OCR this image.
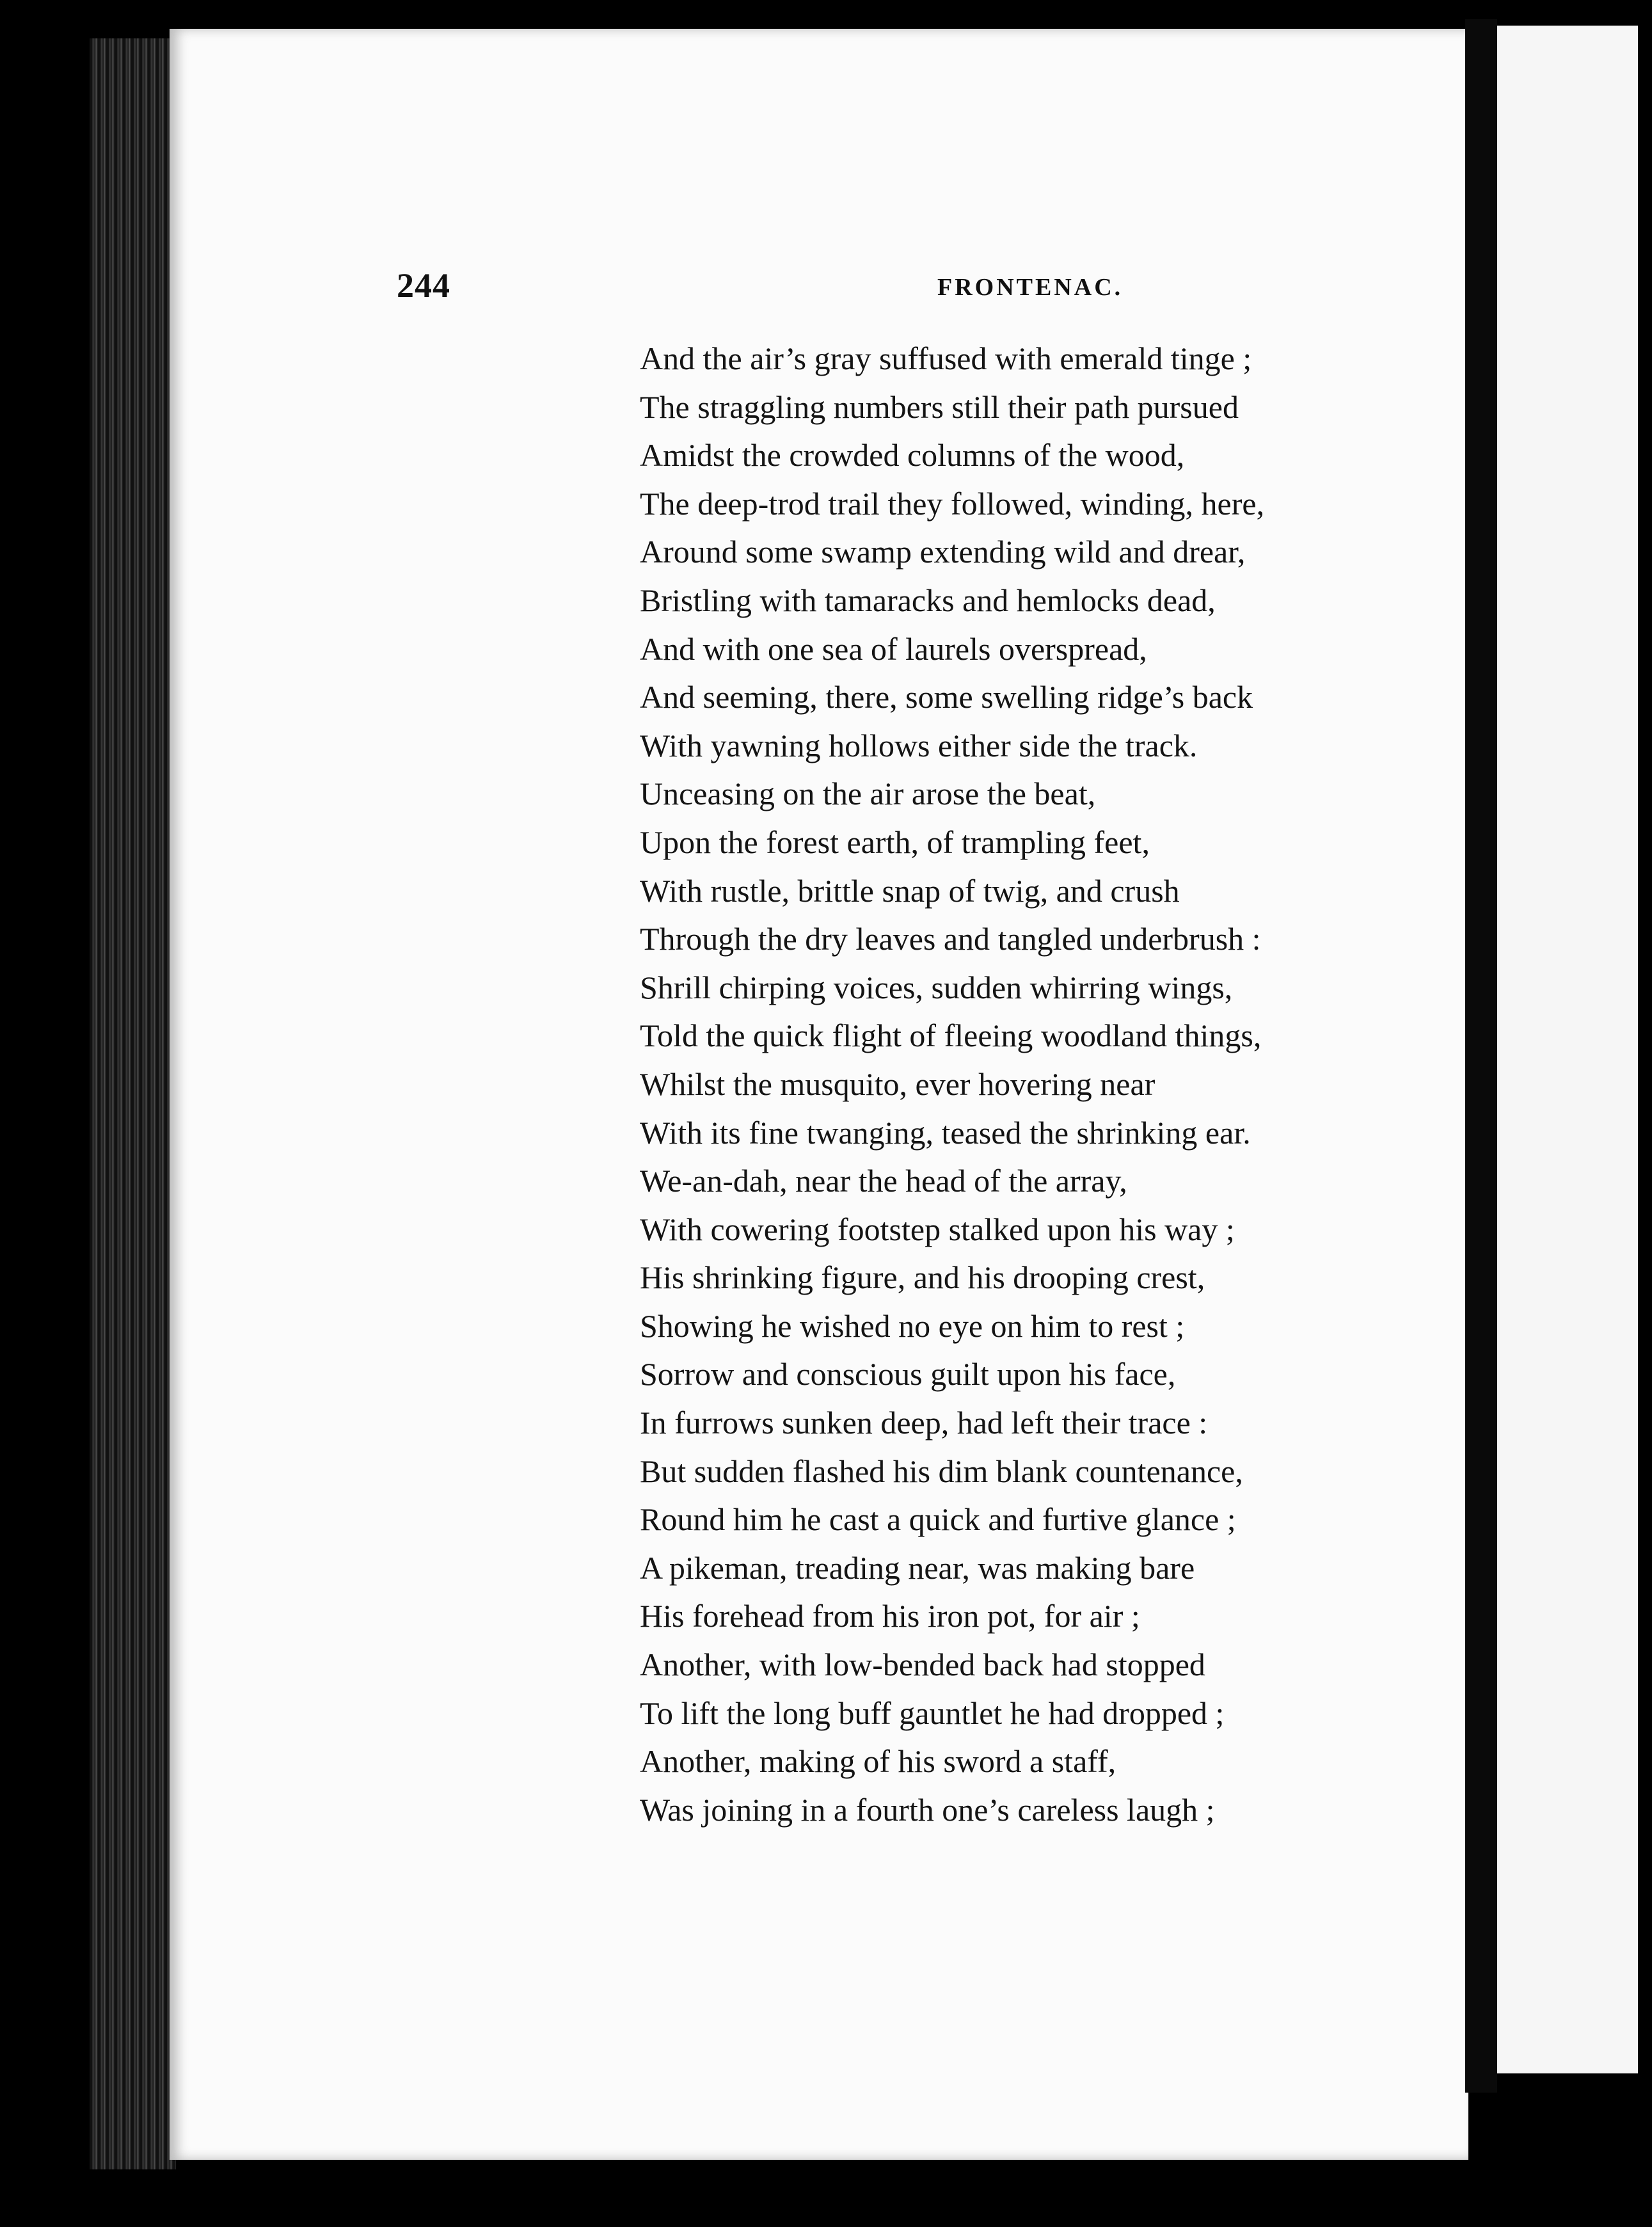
244	FRONTENAC.
And the air’s gray suffused with emerald tinge ;
The straggling numbers still their path pursued
Amidst the crowded columns of the wood,
The deep-trod trail they followed, winding, here,
Around some swamp extending wild and drear,
Bristling with tamaracks and hemlocks dead,
And with one sea of laurels overspread,
And seeming, there, some swelling ridge’s back
With yawning hollows either side the track.
Unceasing on the air arose the beat,
Upon the forest earth, of trampling feet,
With rustle, brittle snap of twig, and crush
Through the dry leaves and tangled underbrush :
Shrill chirping voices, sudden whirring wings,
Told the quick flight of fleeing woodland things,
Whilst the musquito, ever hovering near
With its fine twanging, teased the shrinking ear.
We-an-dah, near the head of the array,
With cowering footstep stalked upon his way ;
His shrinking figure, and his drooping crest,
Showing he wished no eye on him to rest ;
Sorrow and conscious guilt upon his face,
In furrows sunken deep, had left their trace :
But sudden flashed his dim blank countenance,
Round him he cast a quick and furtive glance ;
A pikeman, treading near, was making bare
His forehead from his iron pot, for air ;
Another, with low-bended back had stopped
To lift the long buff gauntlet he had dropped ;
Another, making of his sword a staff,
Was joining in a fourth one’s careless laugh ;
